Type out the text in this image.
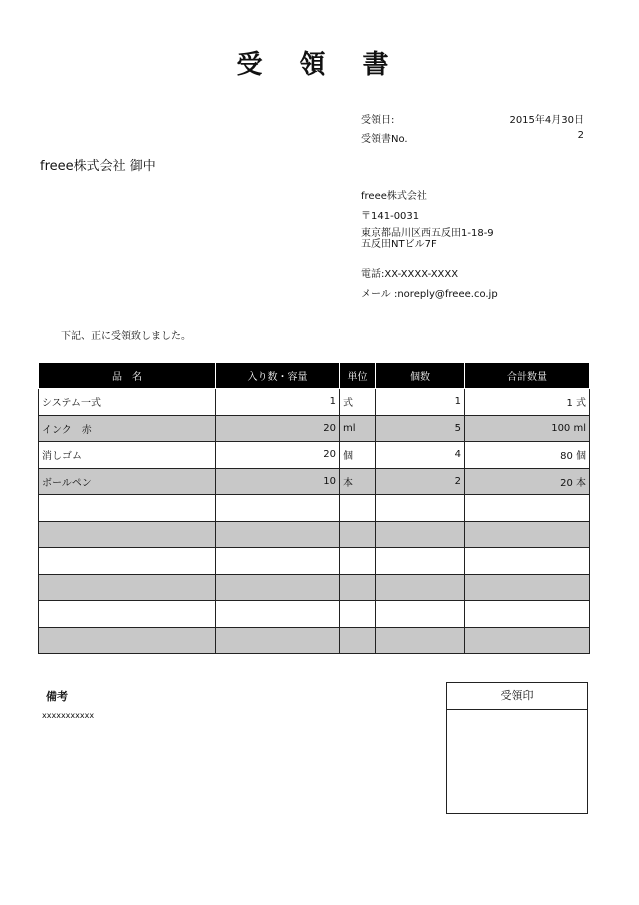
受 領 書
受領日:	2015年4月30日
受領書No.	2
freee株式会社 御中
freee株式会社
〒141-0031
東京都品川区西五反田1-18-9
五反田NTビル7F
電話:XX-XXXX-XXXX
メール :noreply@freee.co.jp
下記、正に受領致しました。
品　名	入り数・容量	単位	個数	合計数量
システム一式	1	式	1	1 式
インク　赤	20	ml	5	100 ml
消しゴム	20	個	4	80 個
ボールペン	10	本	2	20 本

備考
xxxxxxxxxxx
受領印
